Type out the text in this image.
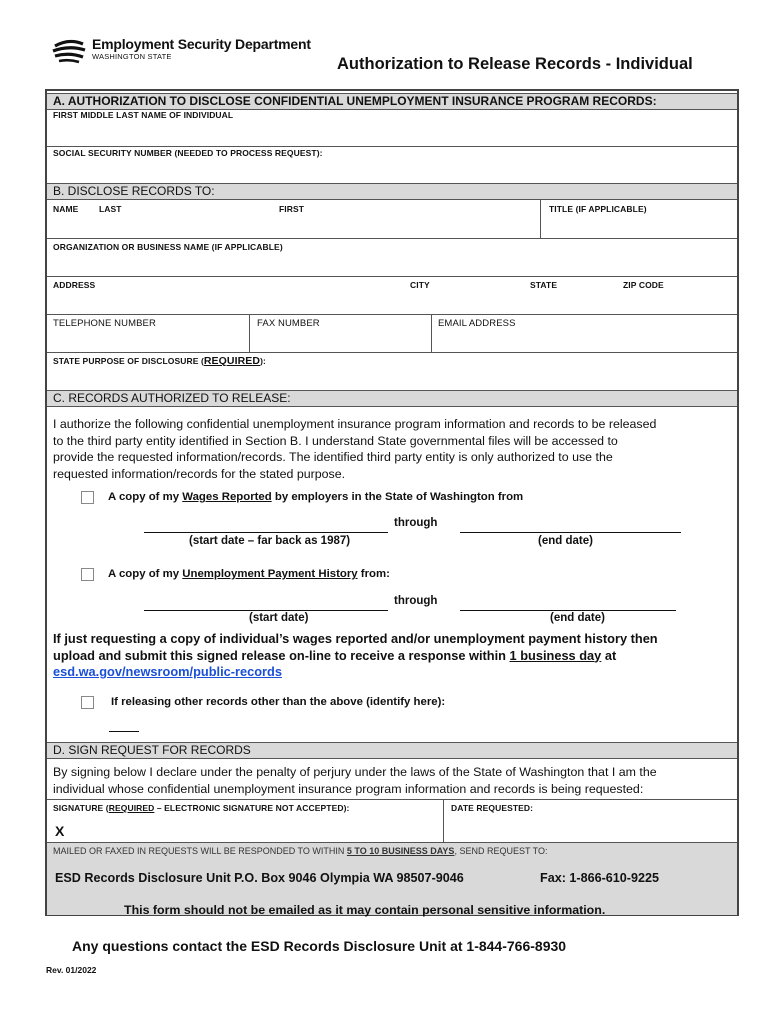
Employment Security Department
WASHINGTON STATE	Authorization to Release Records - Individual
A. AUTHORIZATION TO DISCLOSE CONFIDENTIAL UNEMPLOYMENT INSURANCE PROGRAM RECORDS:
FIRST MIDDLE LAST NAME OF INDIVIDUAL
SOCIAL SECURITY NUMBER (NEEDED TO PROCESS REQUEST):
B. DISCLOSE RECORDS TO:
NAME LAST	FIRST	TITLE (IF APPLICABLE)
ORGANIZATION OR BUSINESS NAME (IF APPLICABLE)
ADDRESS	CITY	STATE	ZIP CODE
TELEPHONE NUMBER	FAX NUMBER	EMAIL ADDRESS
STATE PURPOSE OF DISCLOSURE (REQUIRED):
C. RECORDS AUTHORIZED TO RELEASE:
I authorize the following confidential unemployment insurance program information and records to be released
to the third party entity identified in Section B. I understand State governmental files will be accessed to
provide the requested information/records. The identified third party entity is only authorized to use the
requested information/records for the stated purpose.
A copy of my Wages Reported by employers in the State of Washington from
through
(start date – far back as 1987)	(end date)
A copy of my Unemployment Payment History from:
through
(start date)	(end date)
If just requesting a copy of individual’s wages reported and/or unemployment payment history then
upload and submit this signed release on-line to receive a response within 1 business day at
esd.wa.gov/newsroom/public-records
If releasing other records other than the above (identify here):
D. SIGN REQUEST FOR RECORDS
By signing below I declare under the penalty of perjury under the laws of the State of Washington that I am the
individual whose confidential unemployment insurance program information and records is being requested:
SIGNATURE (REQUIRED – ELECTRONIC SIGNATURE NOT ACCEPTED):
X
DATE REQUESTED:
MAILED OR FAXED IN REQUESTS WILL BE RESPONDED TO WITHIN 5 TO 10 BUSINESS DAYS, SEND REQUEST TO:
ESD Records Disclosure Unit P.O. Box 9046 Olympia WA 98507-9046	Fax: 1-866-610-9225
This form should not be emailed as it may contain personal sensitive information.
Any questions contact the ESD Records Disclosure Unit at 1-844-766-8930
Rev. 01/2022
